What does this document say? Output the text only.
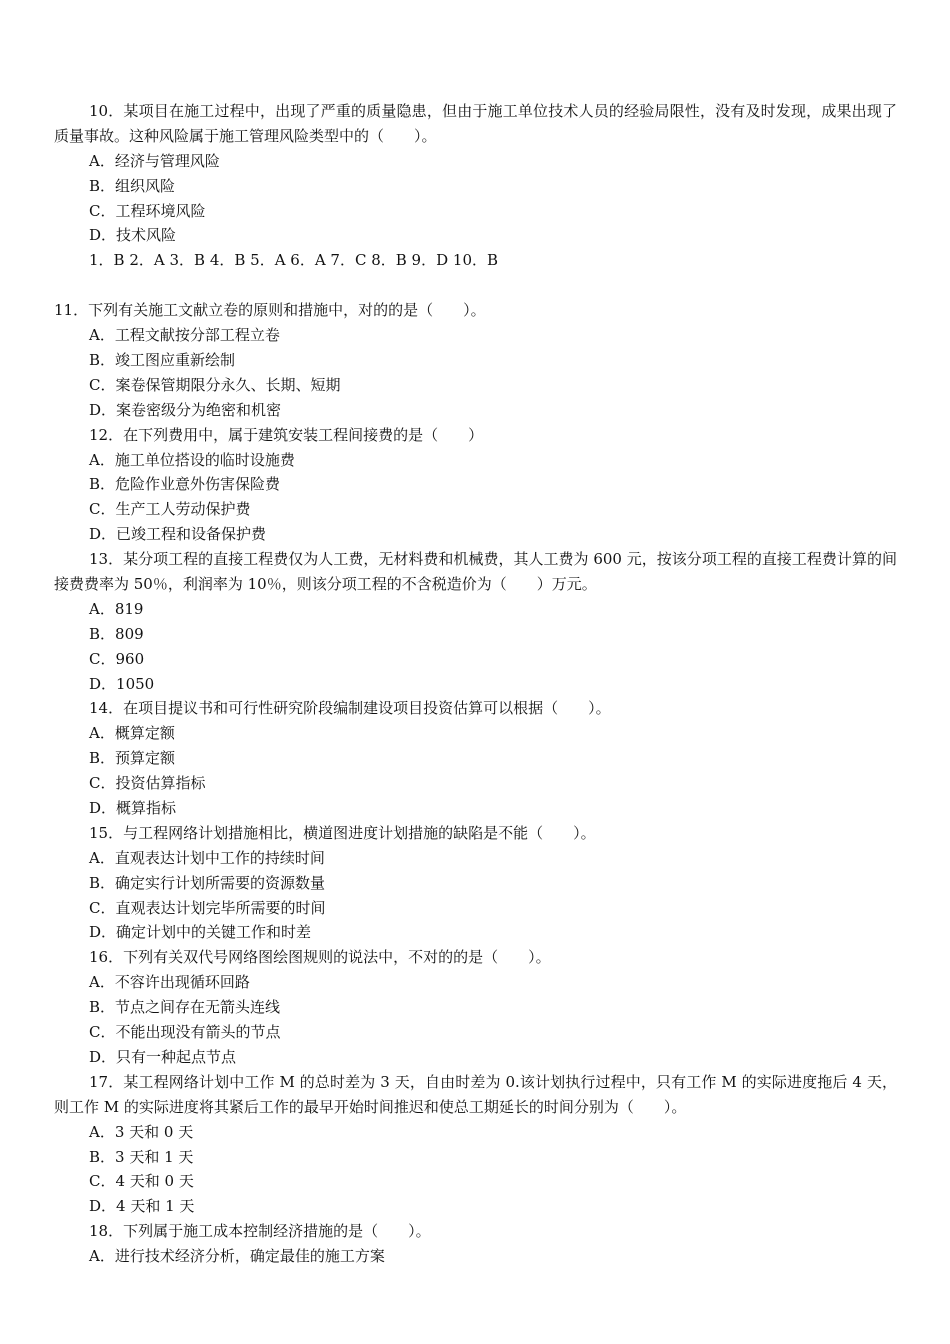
10．某项目在施工过程中，出现了严重的质量隐患，但由于施工单位技术人员的经验局限性，没有及时发现，成果出现了质量事故。这种风险属于施工管理风险类型中的（　　）。
A．经济与管理风险
B．组织风险
C．工程环境风险
D．技术风险
1．B 2．A 3．B 4．B 5．A 6．A 7．C 8．B 9．D 10．B
11．下列有关施工文献立卷的原则和措施中，对的的是（　　）。
A．工程文献按分部工程立卷
B．竣工图应重新绘制
C．案卷保管期限分永久、长期、短期
D．案卷密级分为绝密和机密
12．在下列费用中，属于建筑安装工程间接费的是（　　）
A．施工单位搭设的临时设施费
B．危险作业意外伤害保险费
C．生产工人劳动保护费
D．已竣工程和设备保护费
13．某分项工程的直接工程费仅为人工费，无材料费和机械费，其人工费为 600 元，按该分项工程的直接工程费计算的间接费费率为 50％，利润率为 10％，则该分项工程的不含税造价为（　　）万元。
A．819
B．809
C．960
D．1050
14．在项目提议书和可行性研究阶段编制建设项目投资估算可以根据（　　）。
A．概算定额
B．预算定额
C．投资估算指标
D．概算指标
15．与工程网络计划措施相比，横道图进度计划措施的缺陷是不能（　　）。
A．直观表达计划中工作的持续时间
B．确定实行计划所需要的资源数量
C．直观表达计划完毕所需要的时间
D．确定计划中的关键工作和时差
16．下列有关双代号网络图绘图规则的说法中，不对的的是（　　）。
A．不容许出现循环回路
B．节点之间存在无箭头连线
C．不能出现没有箭头的节点
D．只有一种起点节点
17．某工程网络计划中工作 M 的总时差为 3 天，自由时差为 0.该计划执行过程中，只有工作 M 的实际进度拖后 4 天，则工作 M 的实际进度将其紧后工作的最早开始时间推迟和使总工期延长的时间分别为（　　）。
A．3 天和 0 天
B．3 天和 1 天
C．4 天和 0 天
D．4 天和 1 天
18．下列属于施工成本控制经济措施的是（　　）。
A．进行技术经济分析，确定最佳的施工方案
